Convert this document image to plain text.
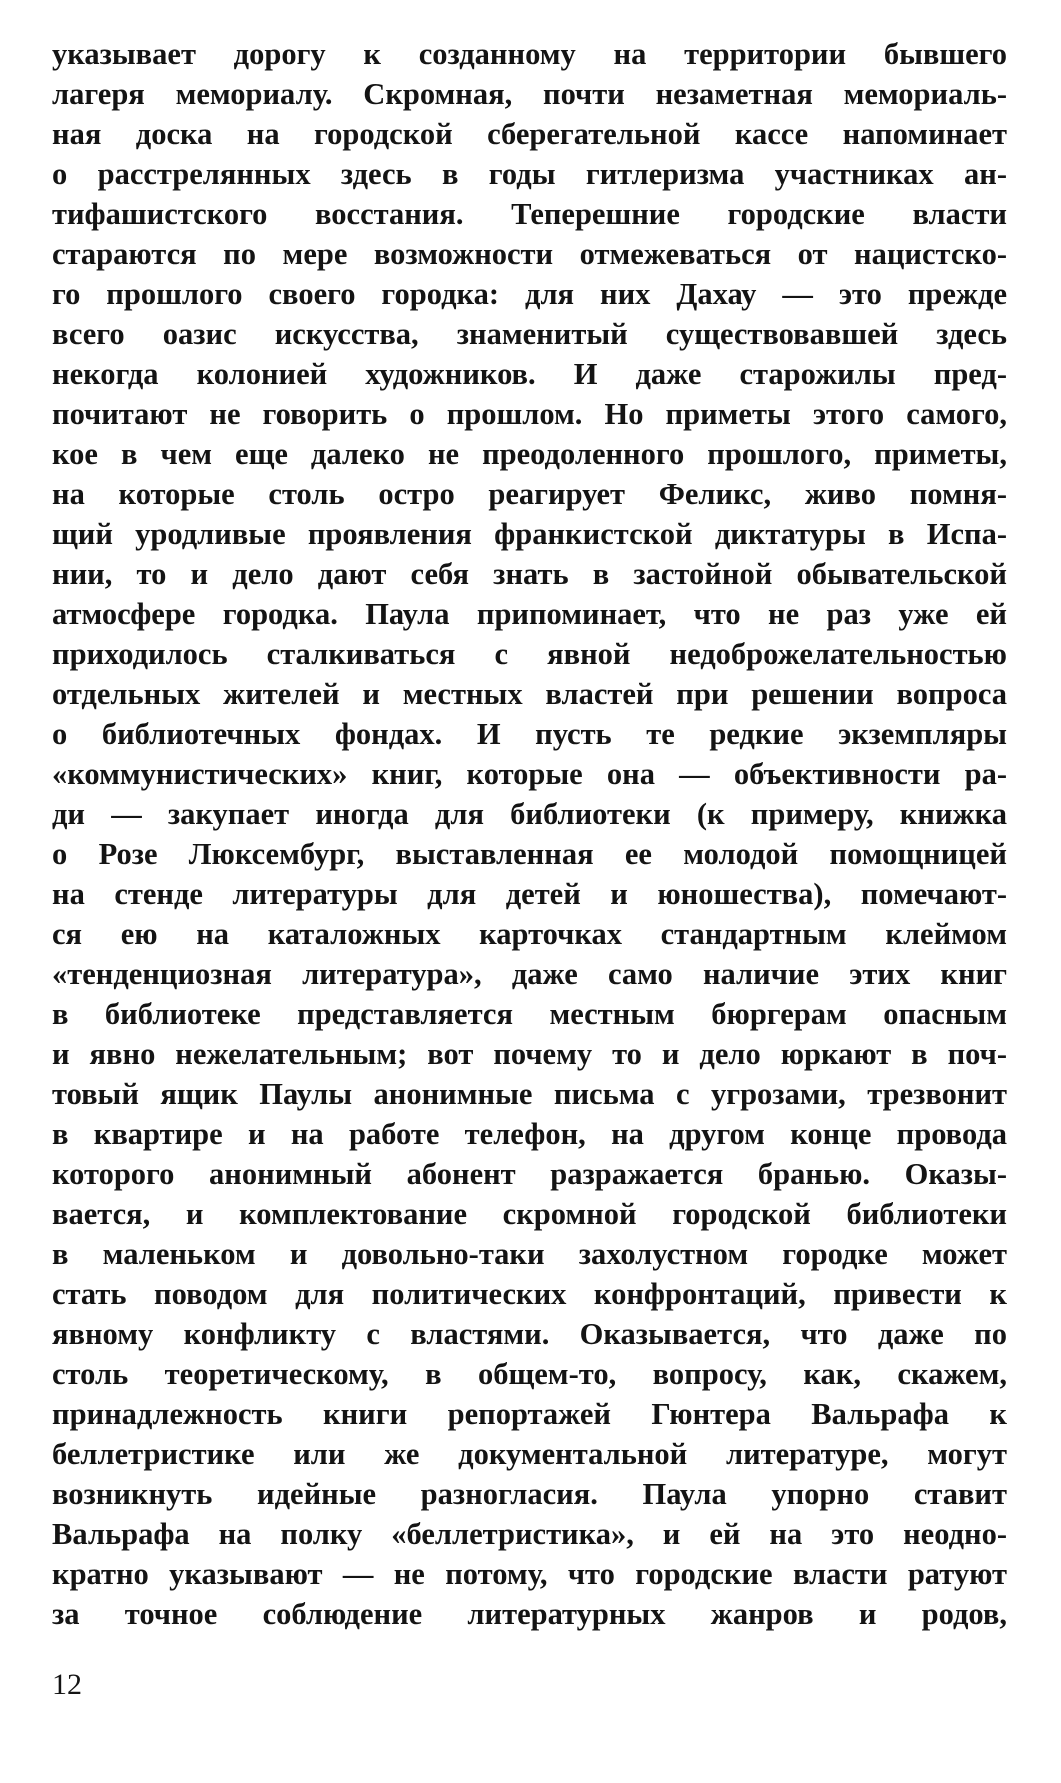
указывает дорогу к созданному на территории бывшего
лагеря мемориалу. Скромная, почти незаметная мемориаль-
ная доска на городской сберегательной кассе напоминает
о расстрелянных здесь в годы гитлеризма участниках ан-
тифашистского восстания. Теперешние городские власти
стараются по мере возможности отмежеваться от нацистско-
го прошлого своего городка: для них Дахау — это прежде
всего оазис искусства, знаменитый существовавшей здесь
некогда колонией художников. И даже старожилы пред-
почитают не говорить о прошлом. Но приметы этого самого,
кое в чем еще далеко не преодоленного прошлого, приметы,
на которые столь остро реагирует Феликс, живо помня-
щий уродливые проявления франкистской диктатуры в Испа-
нии, то и дело дают себя знать в застойной обывательской
атмосфере городка. Паула припоминает, что не раз уже ей
приходилось сталкиваться с явной недоброжелательностью
отдельных жителей и местных властей при решении вопроса
о библиотечных фондах. И пусть те редкие экземпляры
«коммунистических» книг, которые она — объективности ра-
ди — закупает иногда для библиотеки (к примеру, книжка
о Розе Люксембург, выставленная ее молодой помощницей
на стенде литературы для детей и юношества), помечают-
ся ею на каталожных карточках стандартным клеймом
«тенденциозная литература», даже само наличие этих книг
в библиотеке представляется местным бюргерам опасным
и явно нежелательным; вот почему то и дело юркают в поч-
товый ящик Паулы анонимные письма с угрозами, трезвонит
в квартире и на работе телефон, на другом конце провода
которого анонимный абонент разражается бранью. Оказы-
вается, и комплектование скромной городской библиотеки
в маленьком и довольно-таки захолустном городке может
стать поводом для политических конфронтаций, привести к
явному конфликту с властями. Оказывается, что даже по
столь теоретическому, в общем-то, вопросу, как, скажем,
принадлежность книги репортажей Гюнтера Вальрафа к
беллетристике или же документальной литературе, могут
возникнуть идейные разногласия. Паула упорно ставит
Вальрафа на полку «беллетристика», и ей на это неодно-
кратно указывают — не потому, что городские власти ратуют
за точное соблюдение литературных жанров и родов,
12
